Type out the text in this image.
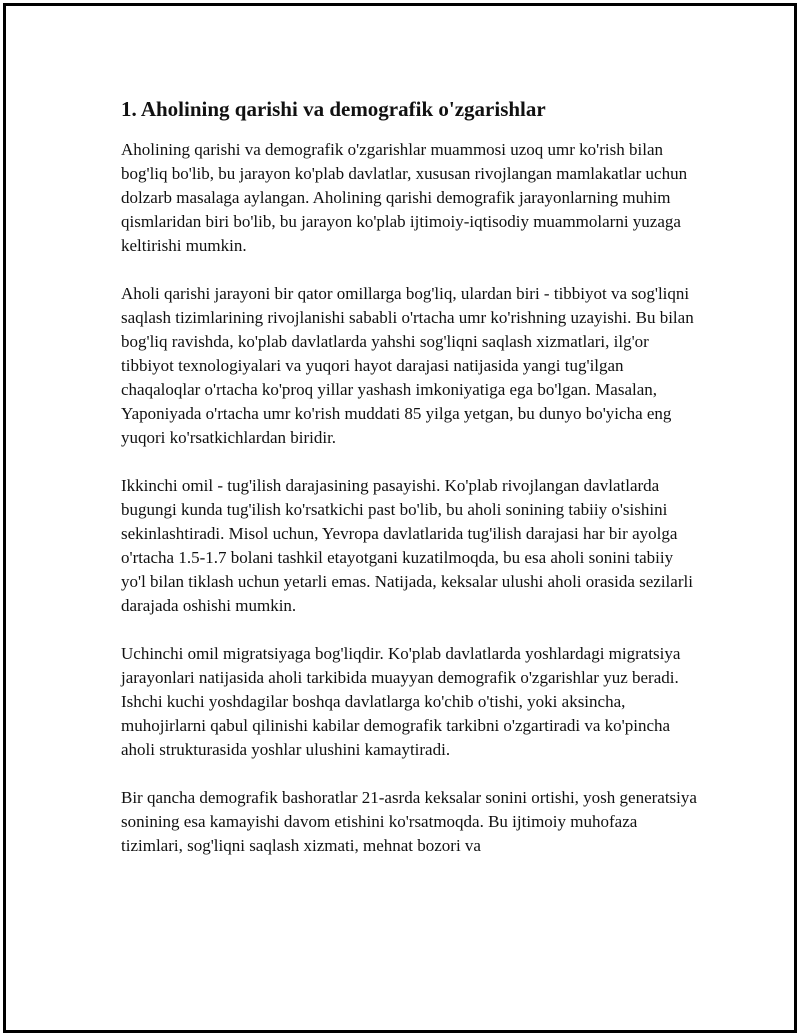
1. Aholining qarishi va demografik o'zgarishlar

Aholining qarishi va demografik o'zgarishlar muammosi uzoq umr ko'rish bilan bog'liq bo'lib, bu jarayon ko'plab davlatlar, xususan rivojlangan mamlakatlar uchun dolzarb masalaga aylangan. Aholining qarishi demografik jarayonlarning muhim qismlaridan biri bo'lib, bu jarayon ko'plab ijtimoiy-iqtisodiy muammolarni yuzaga keltirishi mumkin.

Aholi qarishi jarayoni bir qator omillarga bog'liq, ulardan biri - tibbiyot va sog'liqni saqlash tizimlarining rivojlanishi sababli o'rtacha umr ko'rishning uzayishi. Bu bilan bog'liq ravishda, ko'plab davlatlarda yahshi sog'liqni saqlash xizmatlari, ilg'or tibbiyot texnologiyalari va yuqori hayot darajasi natijasida yangi tug'ilgan chaqaloqlar o'rtacha ko'proq yillar yashash imkoniyatiga ega bo'lgan. Masalan, Yaponiyada o'rtacha umr ko'rish muddati 85 yilga yetgan, bu dunyo bo'yicha eng yuqori ko'rsatkichlardan biridir.

Ikkinchi omil - tug'ilish darajasining pasayishi. Ko'plab rivojlangan davlatlarda bugungi kunda tug'ilish ko'rsatkichi past bo'lib, bu aholi sonining tabiiy o'sishini sekinlashtiradi. Misol uchun, Yevropa davlatlarida tug'ilish darajasi har bir ayolga o'rtacha 1.5-1.7 bolani tashkil etayotgani kuzatilmoqda, bu esa aholi sonini tabiiy yo'l bilan tiklash uchun yetarli emas. Natijada, keksalar ulushi aholi orasida sezilarli darajada oshishi mumkin.

Uchinchi omil migratsiyaga bog'liqdir. Ko'plab davlatlarda yoshlardagi migratsiya jarayonlari natijasida aholi tarkibida muayyan demografik o'zgarishlar yuz beradi. Ishchi kuchi yoshdagilar boshqa davlatlarga ko'chib o'tishi, yoki aksincha, muhojirlarni qabul qilinishi kabilar demografik tarkibni o'zgartiradi va ko'pincha aholi strukturasida yoshlar ulushini kamaytiradi.

Bir qancha demografik bashoratlar 21-asrda keksalar sonini ortishi, yosh generatsiya sonining esa kamayishi davom etishini ko'rsatmoqda. Bu ijtimoiy muhofaza tizimlari, sog'liqni saqlash xizmati, mehnat bozori va
